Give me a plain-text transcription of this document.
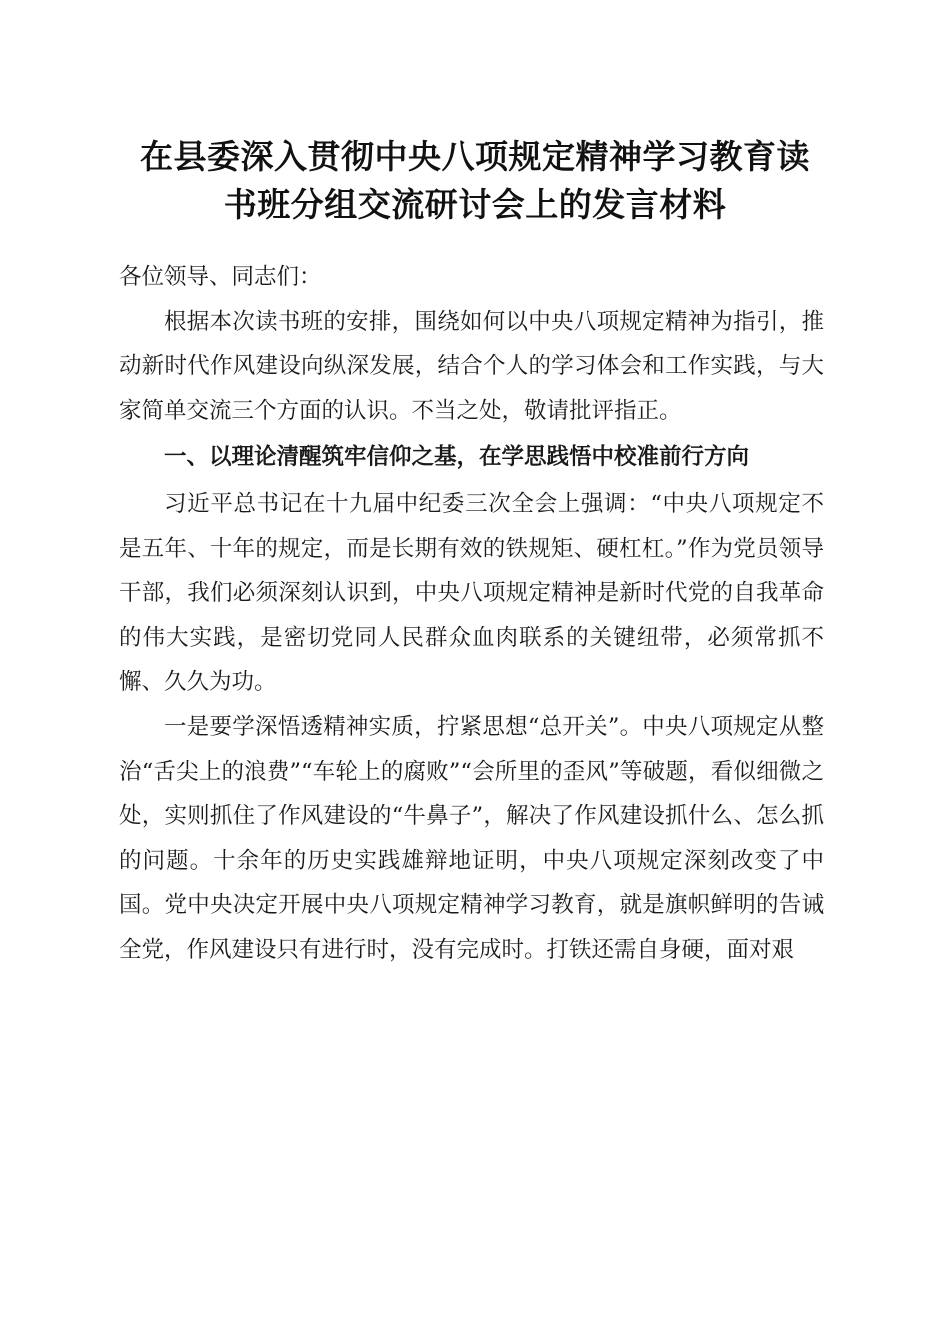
在县委深入贯彻中央八项规定精神学习教育读
书班分组交流研讨会上的发言材料

各位领导、同志们：

根据本次读书班的安排，围绕如何以中央八项规定精神为指引，推动新时代作风建设向纵深发展，结合个人的学习体会和工作实践，与大家简单交流三个方面的认识。不当之处，敬请批评指正。

一、以理论清醒筑牢信仰之基，在学思践悟中校准前行方向

习近平总书记在十九届中纪委三次全会上强调：“中央八项规定不是五年、十年的规定，而是长期有效的铁规矩、硬杠杠。”作为党员领导干部，我们必须深刻认识到，中央八项规定精神是新时代党的自我革命的伟大实践，是密切党同人民群众血肉联系的关键纽带，必须常抓不懈、久久为功。

一是要学深悟透精神实质，拧紧思想“总开关”。中央八项规定从整治“舌尖上的浪费”“车轮上的腐败”“会所里的歪风”等破题，看似细微之处，实则抓住了作风建设的“牛鼻子”，解决了作风建设抓什么、怎么抓的问题。十余年的历史实践雄辩地证明，中央八项规定深刻改变了中国。党中央决定开展中央八项规定精神学习教育，就是旗帜鲜明的告诫全党，作风建设只有进行时，没有完成时。打铁还需自身硬，面对艰
